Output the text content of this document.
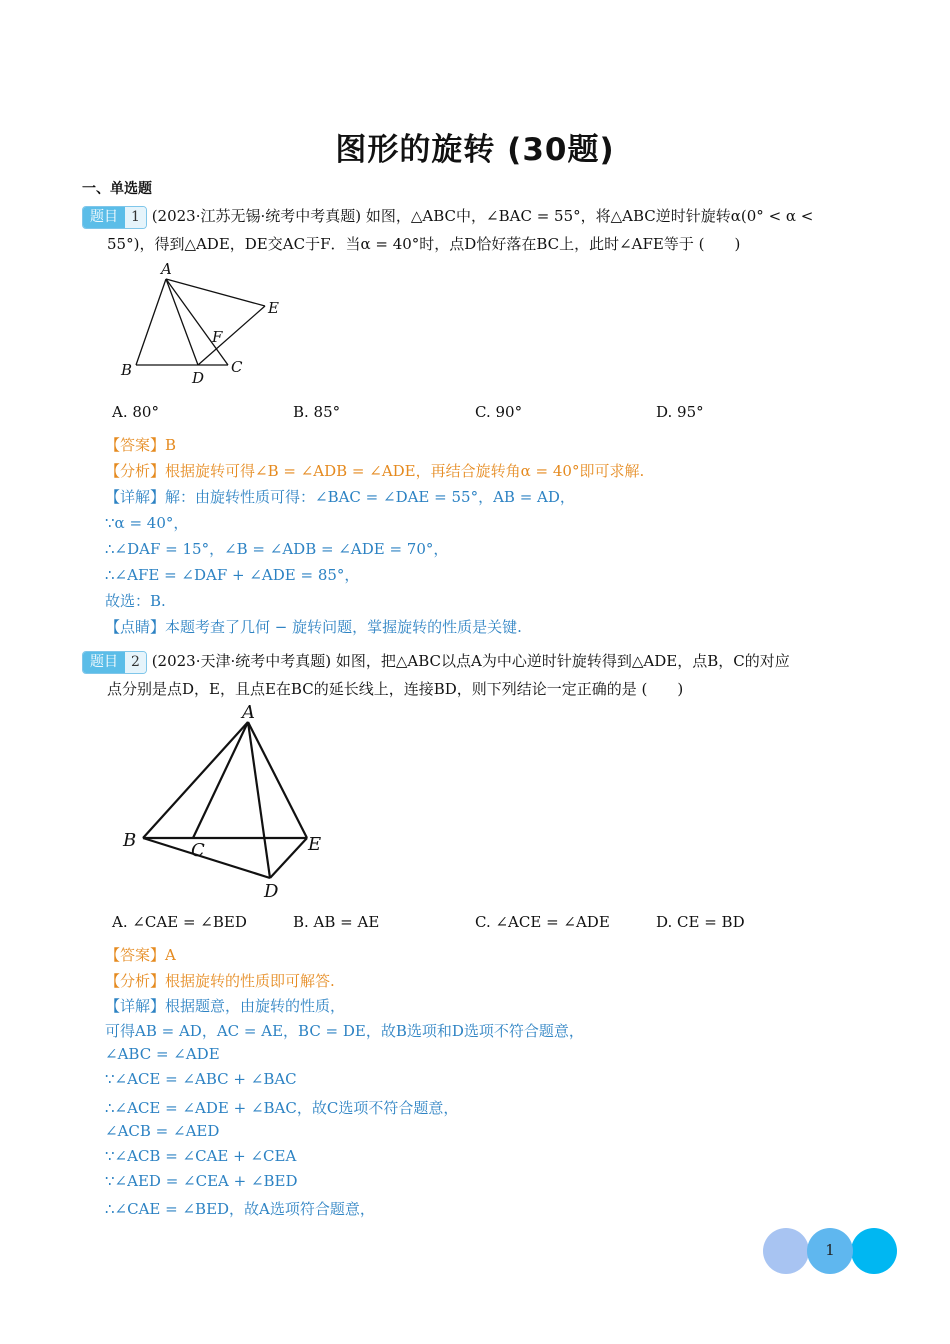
图形的旋转 (30题)
一、单选题
题目 1 (2023·江苏无锡·统考中考真题) 如图，△ABC中，∠BAC = 55°，将△ABC逆时针旋转α(0° < α <
55°)，得到△ADE，DE交AC于F．当α = 40°时，点D恰好落在BC上，此时∠AFE等于 (　　)
A
B	C
D
E
F
A. 80°	B. 85°	C. 90°	D. 95°
【答案】B
【分析】根据旋转可得∠B = ∠ADB = ∠ADE，再结合旋转角α = 40°即可求解.
【详解】解：由旋转性质可得：∠BAC = ∠DAE = 55°，AB = AD，
∵α = 40°，
∴∠DAF = 15°，∠B = ∠ADB = ∠ADE = 70°，
∴∠AFE = ∠DAF + ∠ADE = 85°，
故选：B.
【点睛】本题考查了几何 − 旋转问题，掌握旋转的性质是关键.
题目 2 (2023·天津·统考中考真题) 如图，把△ABC以点A为中心逆时针旋转得到△ADE，点B，C的对应
点分别是点D，E，且点E在BC的延长线上，连接BD，则下列结论一定正确的是 (　　)
A
B	C
D
E
A. ∠CAE = ∠BED	B. AB = AE	C. ∠ACE = ∠ADE	D. CE = BD
【答案】A
【分析】根据旋转的性质即可解答.
【详解】根据题意，由旋转的性质，
可得AB = AD，AC = AE，BC = DE，故B选项和D选项不符合题意，
∠ABC = ∠ADE
∵∠ACE = ∠ABC + ∠BAC
∴∠ACE = ∠ADE + ∠BAC，故C选项不符合题意，
∠ACB = ∠AED
∵∠ACB = ∠CAE + ∠CEA
∵∠AED = ∠CEA + ∠BED
∴∠CAE = ∠BED，故A选项符合题意，
1
